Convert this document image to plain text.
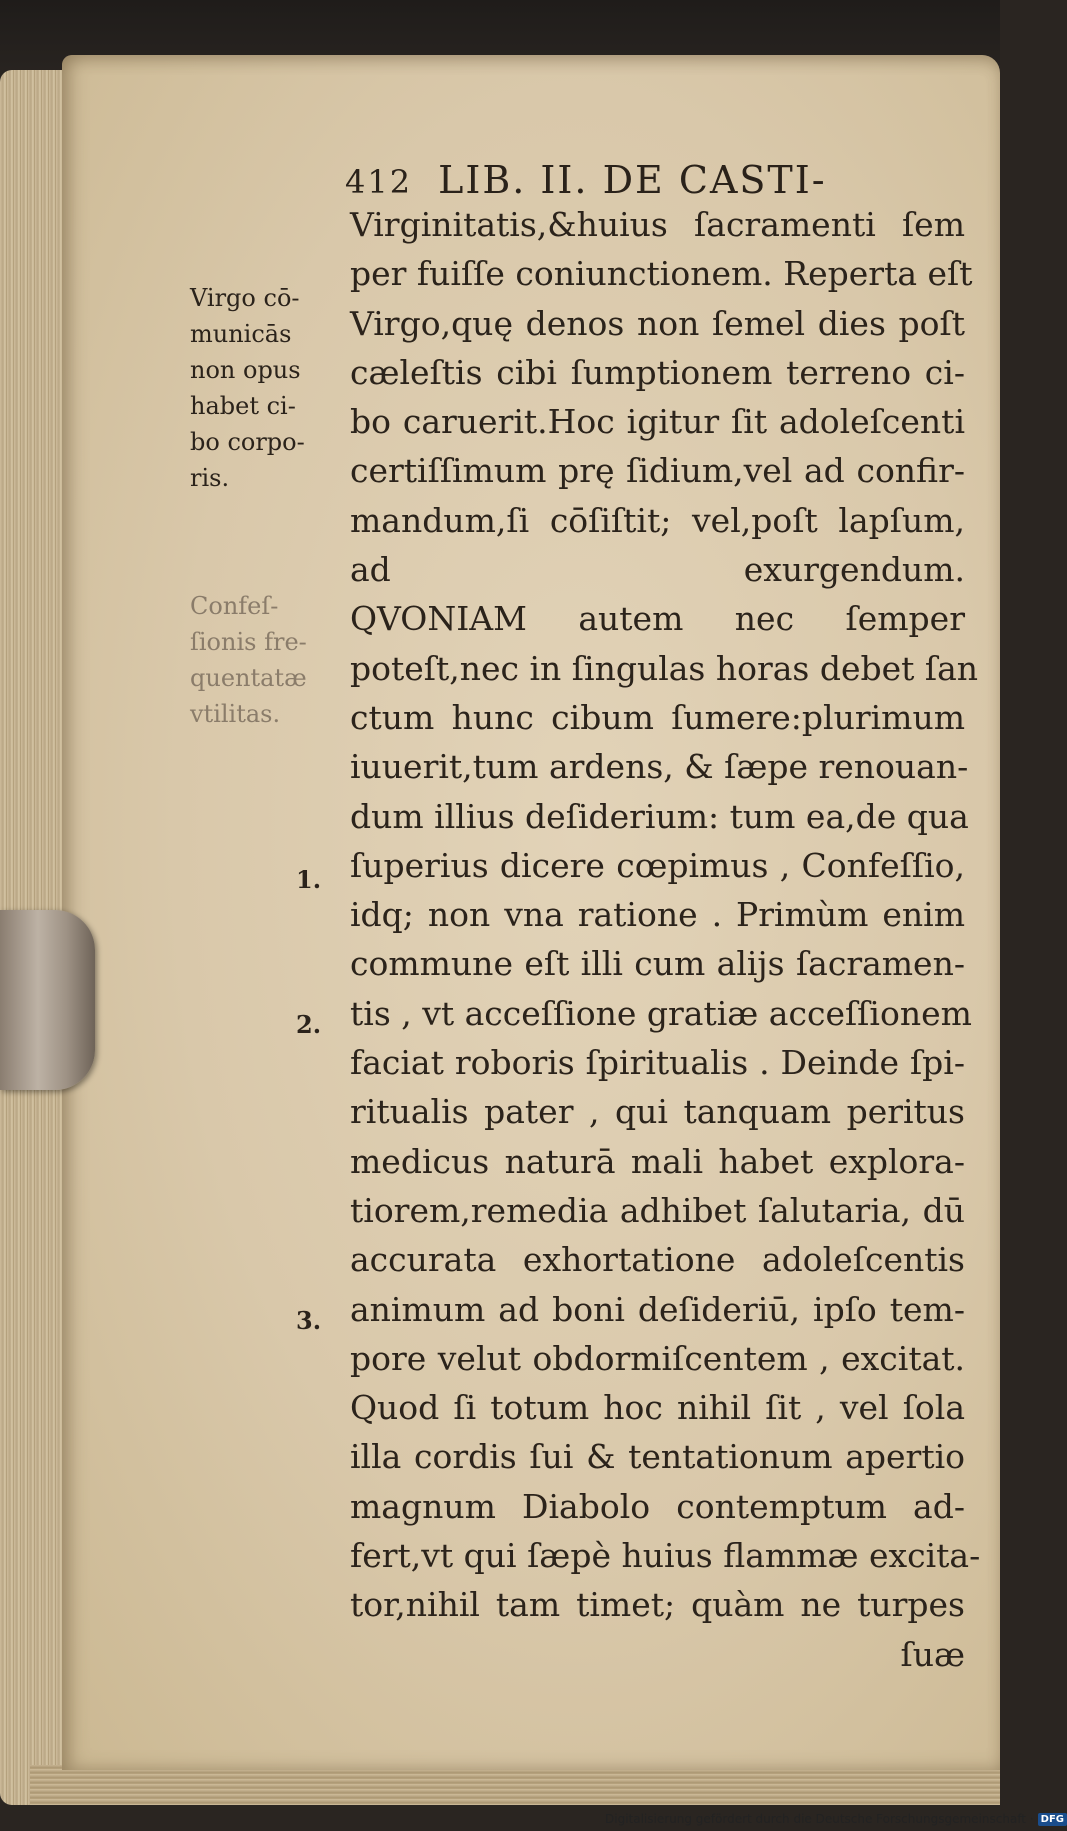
412 LIB. II. DE CASTI-
Virginitatis,&huius ſacramenti ſem
per fuiſſe coniunctionem. Reperta eſt
Virgo,quę denos non ſemel dies poſt
cæleſtis cibi ſumptionem terreno ci-
bo caruerit.Hoc igitur ſit adoleſcenti
certiſſimum prę ſidium,vel ad confir-
mandum,ſi cōſiſtit; vel,poſt lapſum,
ad exurgendum.
QVONIAM autem nec ſemper
poteſt,nec in ſingulas horas debet ſan
ctum hunc cibum ſumere:plurimum
iuuerit,tum ardens, & ſæpe renouan-
dum illius deſiderium: tum ea,de qua
ſuperius dicere cœpimus , Confeſſio,
idq; non vna ratione . Primùm enim
commune eſt illi cum alijs ſacramen-
tis , vt acceſſione gratiæ acceſſionem
faciat roboris ſpiritualis . Deinde ſpi-
ritualis pater , qui tanquam peritus
medicus naturā mali habet explora-
tiorem,remedia adhibet ſalutaria, dū
accurata exhortatione adoleſcentis
animum ad boni deſideriū, ipſo tem-
pore velut obdormiſcentem , excitat.
Quod ſi totum hoc nihil ſit , vel ſola
illa cordis ſui & tentationum apertio
magnum Diabolo contemptum ad-
fert,vt qui ſæpè huius flammæ excita-
tor,nihil tam timet; quàm ne turpes
ſuæ
Virgo cō-
municās
non opus
habet ci-
bo corpo-
ris.
Confeſ-
ſionis fre-
quentatæ
vtilitas.
1.
2.
3.
Digitalisierung gefördert durch die Deutsche Forschungsgemeinschaft · DFG
